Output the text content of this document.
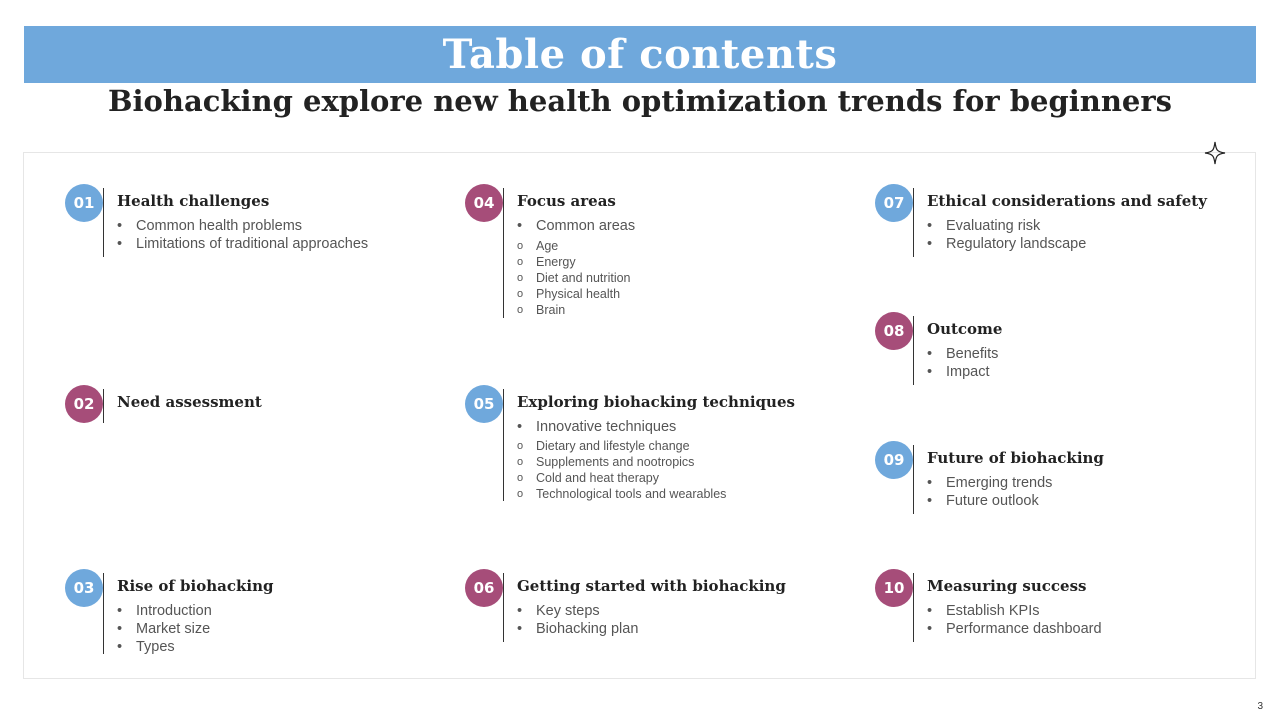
Table of contents
Biohacking explore new health optimization trends for beginners
01	Health challenges
• Common health problems
• Limitations of traditional approaches
02	Need assessment
03	Rise of biohacking
• Introduction
• Market size
• Types
04	Focus areas
• Common areas
o Age
o Energy
o Diet and nutrition
o Physical health
o Brain
05	Exploring biohacking techniques
• Innovative techniques
o Dietary and lifestyle change
o Supplements and nootropics
o Cold and heat therapy
o Technological tools and wearables
06	Getting started with biohacking
• Key steps
• Biohacking plan
07	Ethical considerations and safety
• Evaluating risk
• Regulatory landscape
08	Outcome
• Benefits
• Impact
09	Future of biohacking
• Emerging trends
• Future outlook
10	Measuring success
• Establish KPIs
• Performance dashboard
3
